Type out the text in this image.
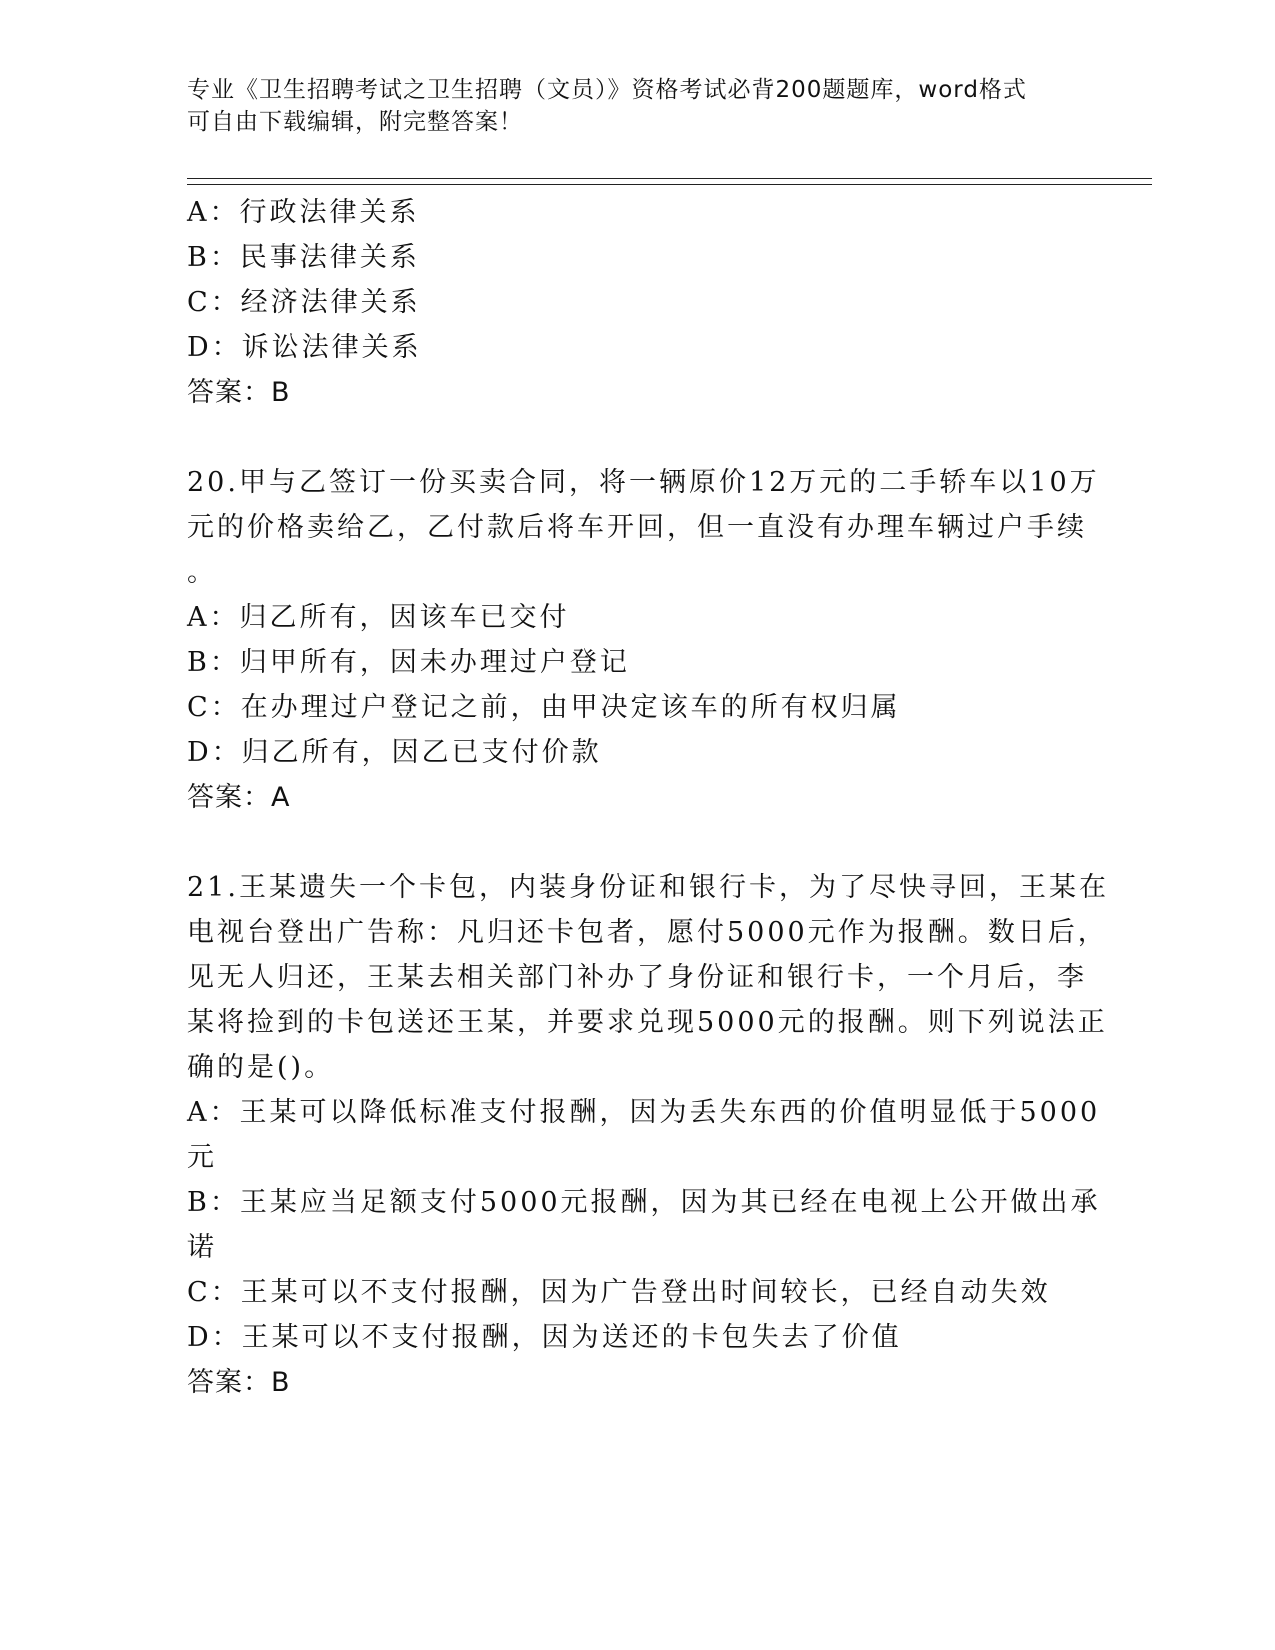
专业《卫生招聘考试之卫生招聘（文员）》资格考试必背200题题库，word格式
可自由下载编辑，附完整答案！
A：行政法律关系
B：民事法律关系
C：经济法律关系
D：诉讼法律关系
答案：B
20.甲与乙签订一份买卖合同，将一辆原价12万元的二手轿车以10万
元的价格卖给乙，乙付款后将车开回，但一直没有办理车辆过户手续
。
A：归乙所有，因该车已交付
B：归甲所有，因未办理过户登记
C：在办理过户登记之前，由甲决定该车的所有权归属
D：归乙所有，因乙已支付价款
答案：A
21.王某遗失一个卡包，内装身份证和银行卡，为了尽快寻回，王某在
电视台登出广告称：凡归还卡包者，愿付5000元作为报酬。数日后，
见无人归还，王某去相关部门补办了身份证和银行卡，一个月后，李
某将捡到的卡包送还王某，并要求兑现5000元的报酬。则下列说法正
确的是()。
A：王某可以降低标准支付报酬，因为丢失东西的价值明显低于5000
元
B：王某应当足额支付5000元报酬，因为其已经在电视上公开做出承
诺
C：王某可以不支付报酬，因为广告登出时间较长，已经自动失效
D：王某可以不支付报酬，因为送还的卡包失去了价值
答案：B
